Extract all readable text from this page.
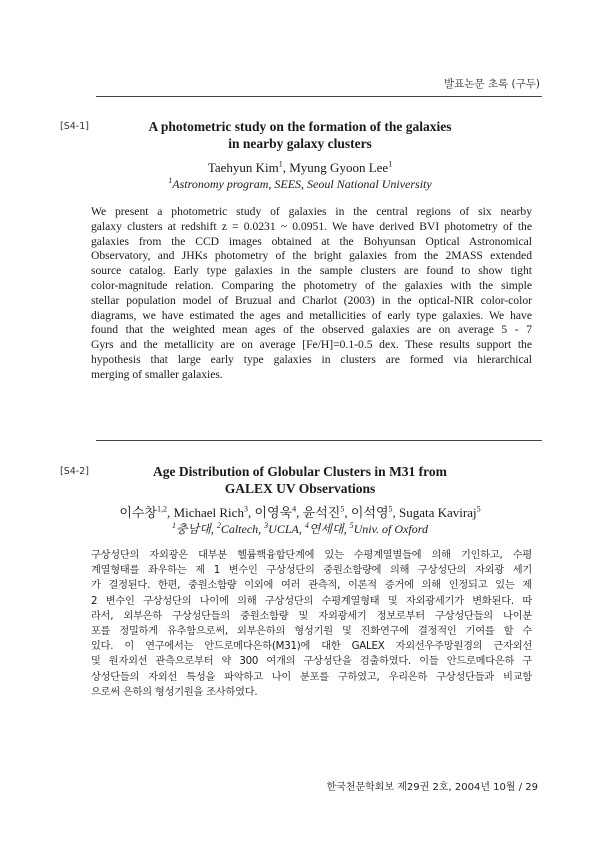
발표논문 초록 (구두)
[S4-1]	A photometric study on the formation of the galaxies
in nearby galaxy clusters
Taehyun Kim$^1$, Myung Gyoon Lee$^1$
$^1$Astronomy program, SEES, Seoul National University
We present a photometric study of galaxies in the central regions of six nearby
galaxy clusters at redshift z = 0.0231 ~ 0.0951. We have derived BVI photometry of the
galaxies from the CCD images obtained at the Bohyunsan Optical Astronomical
Observatory, and JHKs photometry of the bright galaxies from the 2MASS extended
source catalog. Early type galaxies in the sample clusters are found to show tight
color-magnitude relation. Comparing the photometry of the galaxies with the simple
stellar population model of Bruzual and Charlot (2003) in the optical-NIR color-color
diagrams, we have estimated the ages and metallicities of early type galaxies. We have
found that the weighted mean ages of the observed galaxies are on average 5 - 7
Gyrs and the metallicity are on average [Fe/H]=0.1-0.5 dex. These results support the
hypothesis that large early type galaxies in clusters are formed via hierarchical
merging of smaller galaxies.
[S4-2]	Age Distribution of Globular Clusters in M31 from
GALEX UV Observations
이수창$^{1,2}$, Michael Rich$^3$, 이영욱$^4$, 윤석진$^5$, 이석영$^5$, Sugata Kaviraj$^5$
$^1$충남대, $^2$Caltech, $^3$UCLA, $^4$연세대, $^5$Univ. of Oxford
구상성단의 자외광은 대부분 헬륨핵융합단계에 있는 수평계열별들에 의해 기인하고, 수평
계열형태를 좌우하는 제 1 변수인 구상성단의 중원소함량에 의해 구상성단의 자외광 세기
가 결정된다. 한편, 중원소함량 이외에 여러 관측적, 이론적 증거에 의해 인정되고 있는 제
2 변수인 구상성단의 나이에 의해 구상성단의 수평계열형태 및 자외광세기가 변화된다. 따
라서, 외부은하 구상성단들의 중원소함량 및 자외광세기 정보로부터 구상성단들의 나이분
포를 정밀하게 유추함으로써, 외부은하의 형성기원 및 진화연구에 결정적인 기여를 할 수
있다. 이 연구에서는 안드로메다은하(M31)에 대한 GALEX 자외선우주망원경의 근자외선
및 원자외선 관측으로부터 약 300 여개의 구상성단을 검출하였다. 이들 안드로메다은하 구
상성단들의 자외선 특성을 파악하고 나이 분포를 구하였고, 우리은하 구상성단들과 비교함
으로써 은하의 형성기원을 조사하였다.
한국천문학회보 제29권 2호, 2004년 10월 / 29
